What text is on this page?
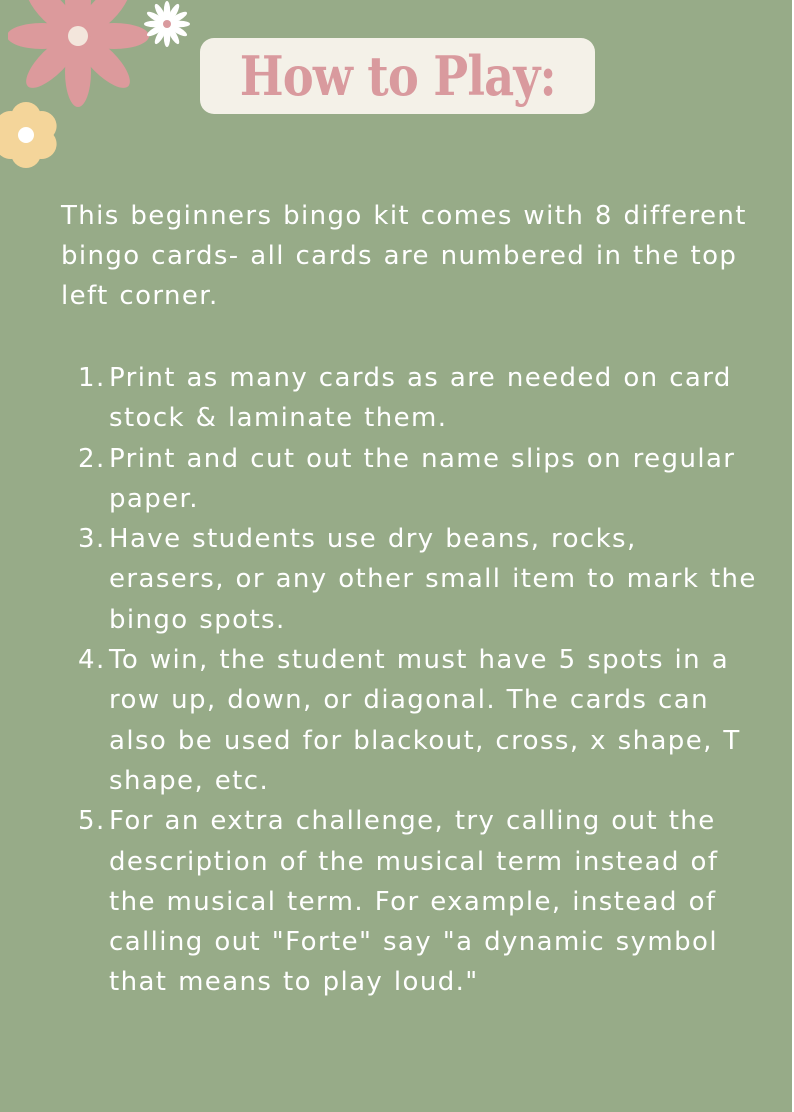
How to Play:

This beginners bingo kit comes with 8 different bingo cards- all cards are numbered in the top left corner.

1. Print as many cards as are needed on card stock & laminate them.
2. Print and cut out the name slips on regular paper.
3. Have students use dry beans, rocks, erasers, or any other small item to mark the bingo spots.
4. To win, the student must have 5 spots in a row up, down, or diagonal. The cards can also be used for blackout, cross, x shape, T shape, etc.
5. For an extra challenge, try calling out the description of the musical term instead of the musical term. For example, instead of calling out "Forte" say "a dynamic symbol that means to play loud."
